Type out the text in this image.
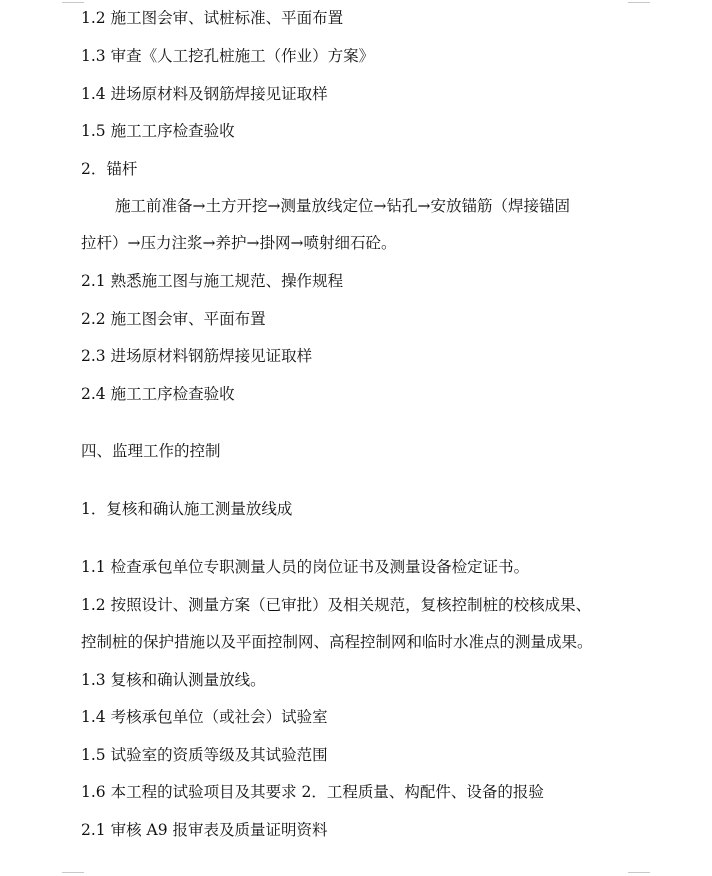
1.2 施工图会审、试桩标准、平面布置
1.3 审查《人工挖孔桩施工（作业）方案》
1.4 进场原材料及钢筋焊接见证取样
1.5 施工工序检查验收
2．锚杆
施工前准备→土方开挖→测量放线定位→钻孔→安放锚筋（焊接锚固
拉杆）→压力注浆→养护→掛网→喷射细石砼。
2.1 熟悉施工图与施工规范、操作规程
2.2 施工图会审、平面布置
2.3 进场原材料钢筋焊接见证取样
2.4 施工工序检查验收
四、监理工作的控制
1．复核和确认施工测量放线成
1.1 检查承包单位专职测量人员的岗位证书及测量设备检定证书。
1.2 按照设计、测量方案（已审批）及相关规范，复核控制桩的校核成果、
控制桩的保护措施以及平面控制网、高程控制网和临时水准点的测量成果。
1.3 复核和确认测量放线。
1.4 考核承包单位（或社会）试验室
1.5 试验室的资质等级及其试验范围
1.6 本工程的试验项目及其要求 2．工程质量、构配件、设备的报验
2.1 审核 A9 报审表及质量证明资料
